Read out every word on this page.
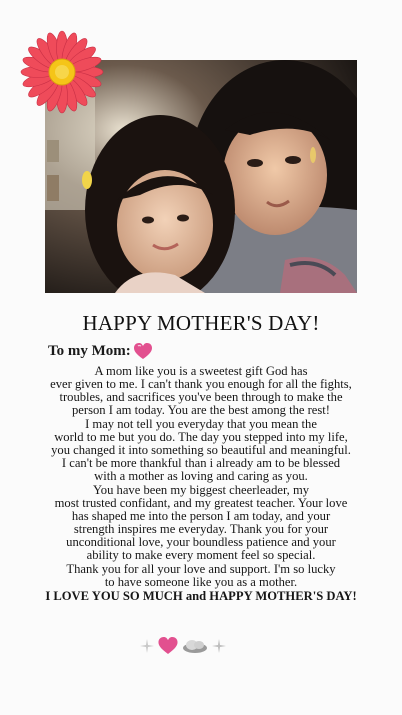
HAPPY MOTHER'S DAY!
To my Mom:

A mom like you is a sweetest gift God has
ever given to me. I can't thank you enough for all the fights,
troubles, and sacrifices you've been through to make the
person I am today. You are the best among the rest!

I may not tell you everyday that you mean the
world to me but you do. The day you stepped into my life,
you changed it into something so beautiful and meaningful.
I can't be more thankful than i already am to be blessed
with a mother as loving and caring as you.

You have been my biggest cheerleader, my
most trusted confidant, and my greatest teacher. Your love
has shaped me into the person I am today, and your
strength inspires me everyday. Thank you for your
unconditional love, your boundless patience and your
ability to make every moment feel so special.

Thank you for all your love and support. I'm so lucky
to have someone like you as a mother.

I LOVE YOU SO MUCH and HAPPY MOTHER'S DAY!
